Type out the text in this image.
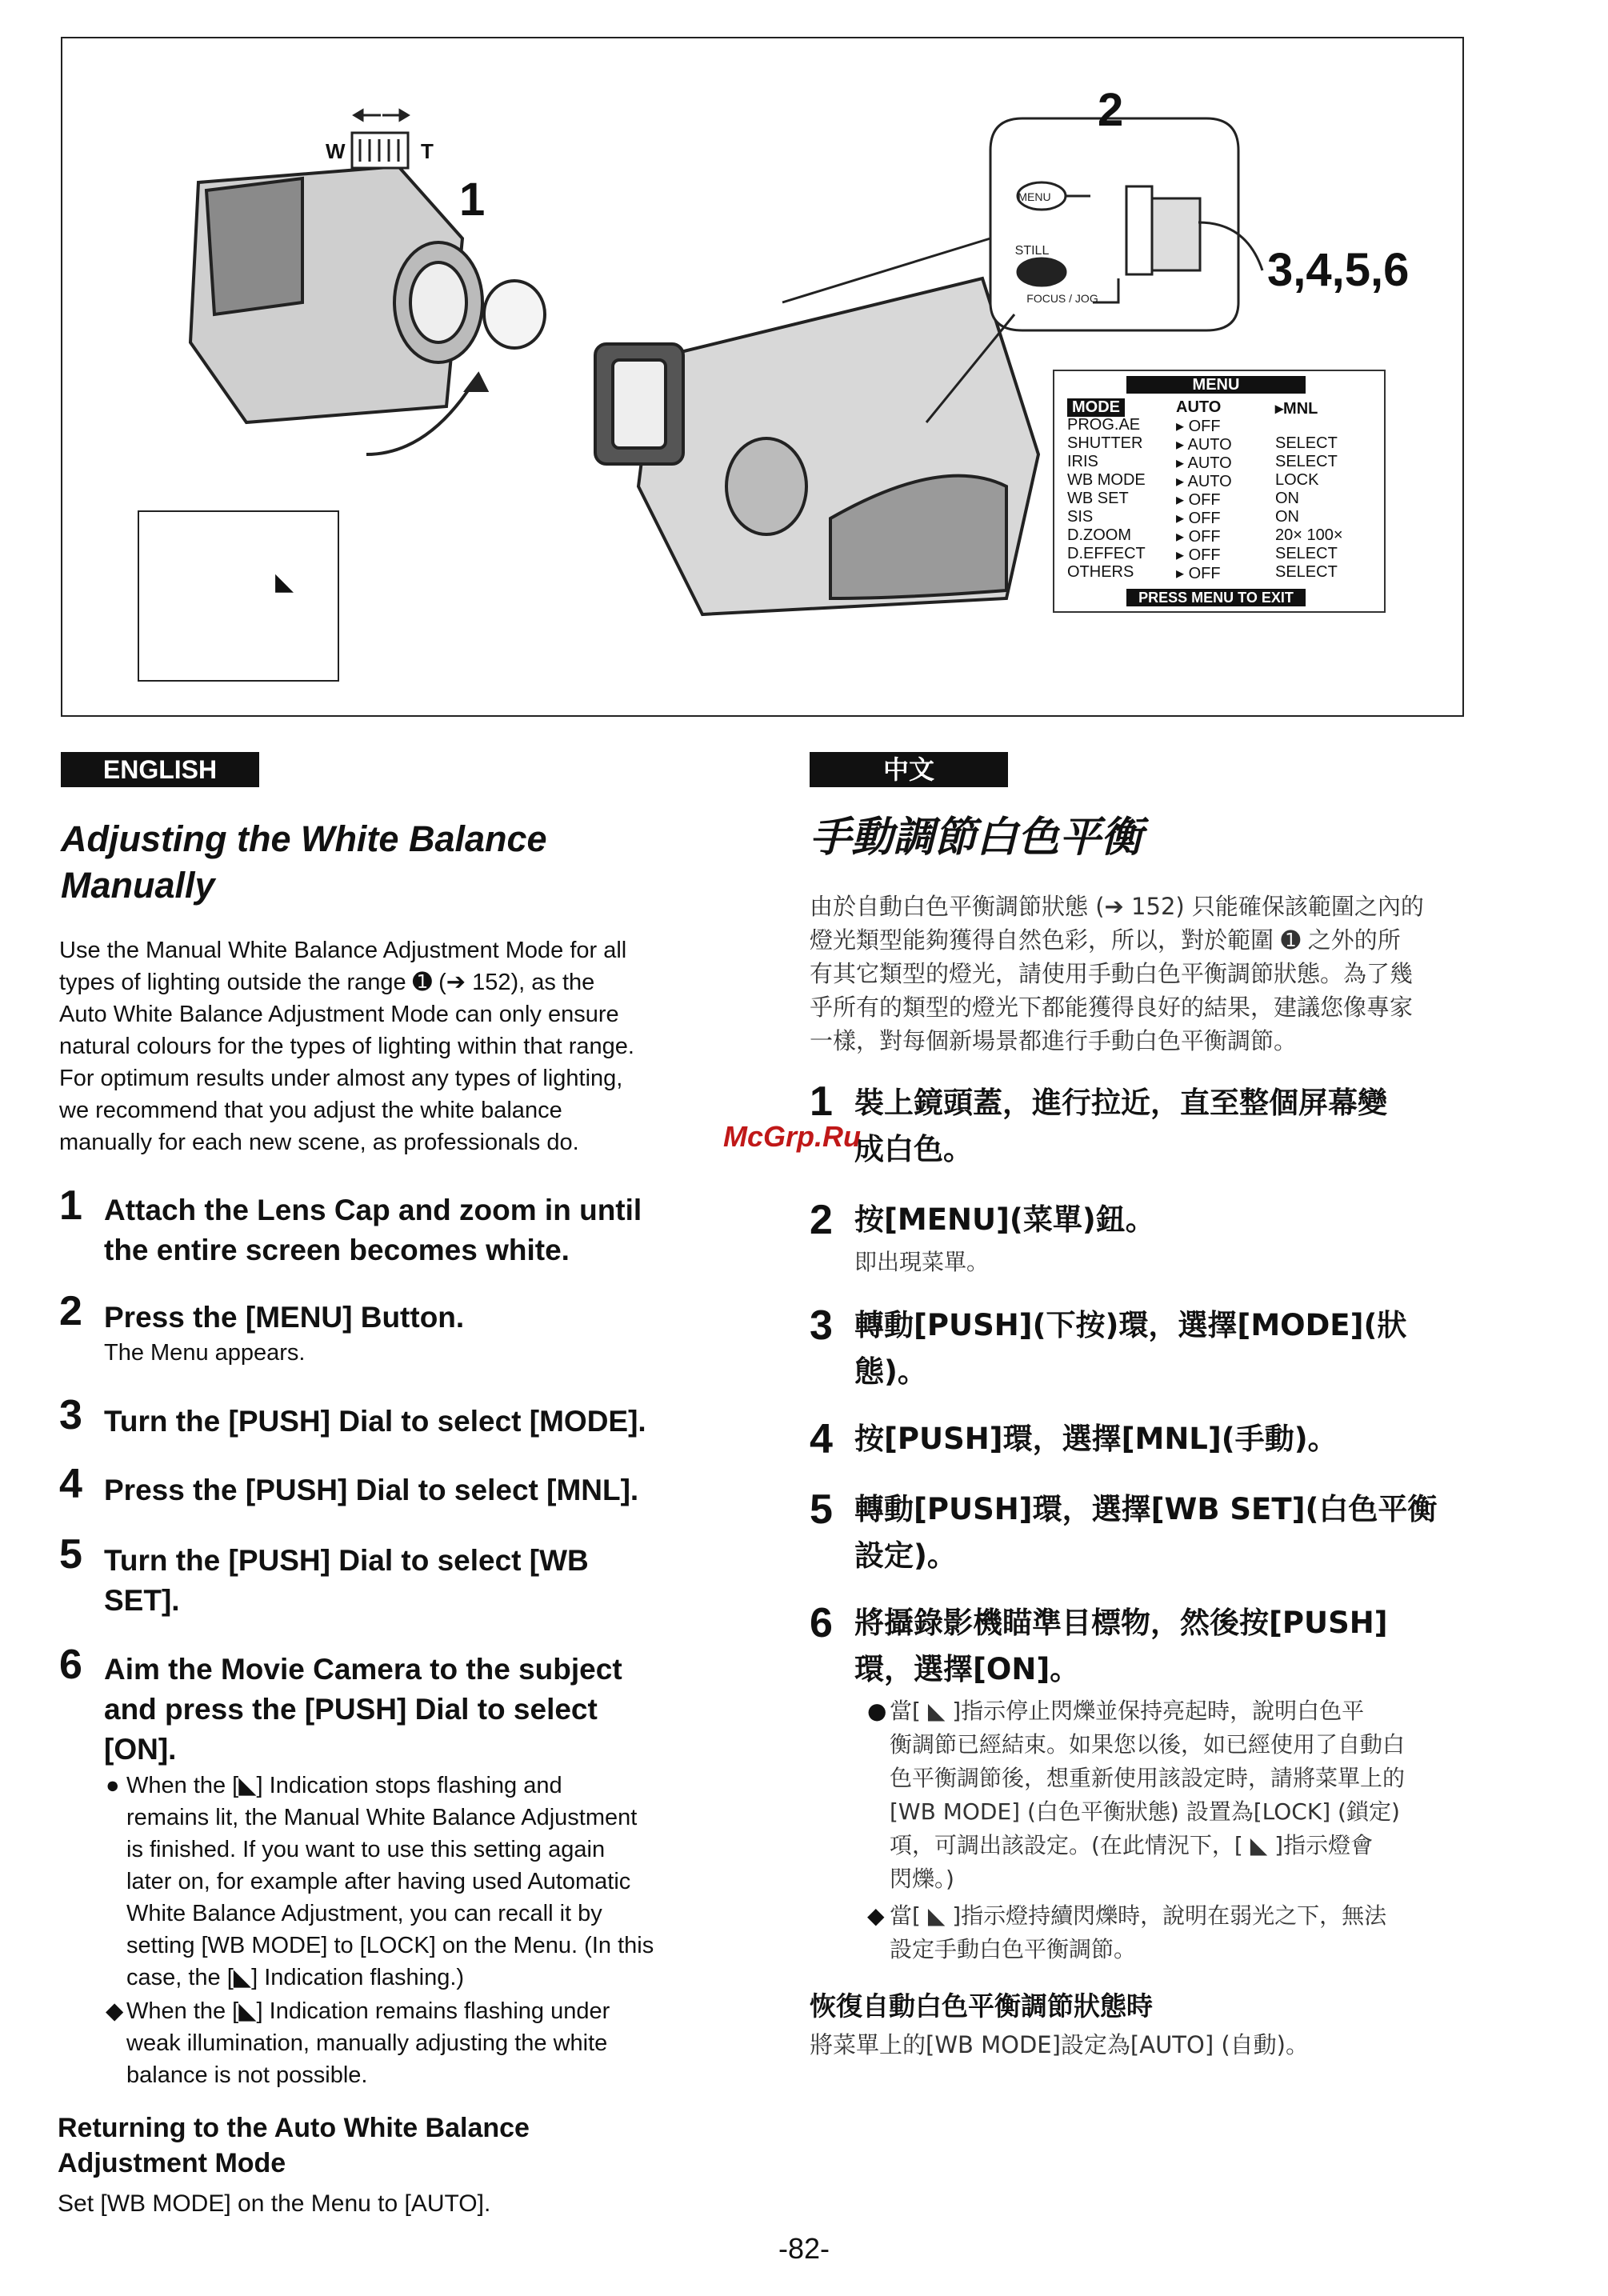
MENU
STILL
FOCUS / JOG
W	T
1
2
3,4,5,6
◣
MENU
MODE	AUTO	▸MNL
PROG.AE ▸ OFF
SHUTTER ▸ AUTO	SELECT
IRIS	▸ AUTO	SELECT
WB MODE ▸ AUTO	LOCK
WB SET	▸ OFF	ON
SIS	▸ OFF	ON
D.ZOOM	▸ OFF	20× 100×
D.EFFECT ▸ OFF	SELECT
OTHERS	▸ OFF	SELECT
PRESS MENU TO EXIT
ENGLISH
Adjusting the White Balance
Manually
Use the Manual White Balance Adjustment Mode for all
types of lighting outside the range ➊ (➔ 152), as the
Auto White Balance Adjustment Mode can only ensure
natural colours for the types of lighting within that range.
For optimum results under almost any types of lighting,
we recommend that you adjust the white balance
manually for each new scene, as professionals do.
1 Attach the Lens Cap and zoom in until
the entire screen becomes white.
2 Press the [MENU] Button.
The Menu appears.
3 Turn the [PUSH] Dial to select [MODE].
4 Press the [PUSH] Dial to select [MNL].
5 Turn the [PUSH] Dial to select [WB
SET].
6 Aim the Movie Camera to the subject
and press the [PUSH] Dial to select
[ON].
● When the [◣] Indication stops flashing and
remains lit, the Manual White Balance Adjustment
is finished. If you want to use this setting again
later on, for example after having used Automatic
White Balance Adjustment, you can recall it by
setting [WB MODE] to [LOCK] on the Menu. (In this
case, the [◣] Indication flashing.)
◆ When the [◣] Indication remains flashing under
weak illumination, manually adjusting the white
balance is not possible.
Returning to the Auto White Balance
Adjustment Mode
Set [WB MODE] on the Menu to [AUTO].
中文
手動調節白色平衡
由於自動白色平衡調節狀態 (➔ 152) 只能確保該範圍之內的
燈光類型能夠獲得自然色彩，所以，對於範圍 ➊ 之外的所
有其它類型的燈光，請使用手動白色平衡調節狀態。為了幾
乎所有的類型的燈光下都能獲得良好的結果，建議您像專家
一樣，對每個新場景都進行手動白色平衡調節。
1 裝上鏡頭蓋，進行拉近，直至整個屏幕變
成白色。
2 按[MENU](菜單)鈕。
即出現菜單。
3 轉動[PUSH](下按)環，選擇[MODE](狀
態)。
4 按[PUSH]環，選擇[MNL](手動)。
5 轉動[PUSH]環，選擇[WB SET](白色平衡
設定)。
6 將攝錄影機瞄準目標物，然後按[PUSH]
環，選擇[ON]。
● 當[ ◣ ]指示停止閃爍並保持亮起時，說明白色平
衡調節已經結束。如果您以後，如已經使用了自動白
色平衡調節後，想重新使用該設定時，請將菜單上的
[WB MODE] (白色平衡狀態) 設置為[LOCK] (鎖定)
項，可調出該設定。(在此情況下，[ ◣ ]指示燈會
閃爍。)
◆ 當[ ◣ ]指示燈持續閃爍時，說明在弱光之下，無法
設定手動白色平衡調節。
恢復自動白色平衡調節狀態時
將菜單上的[WB MODE]設定為[AUTO] (自動)。
McGrp.Ru
-82-
